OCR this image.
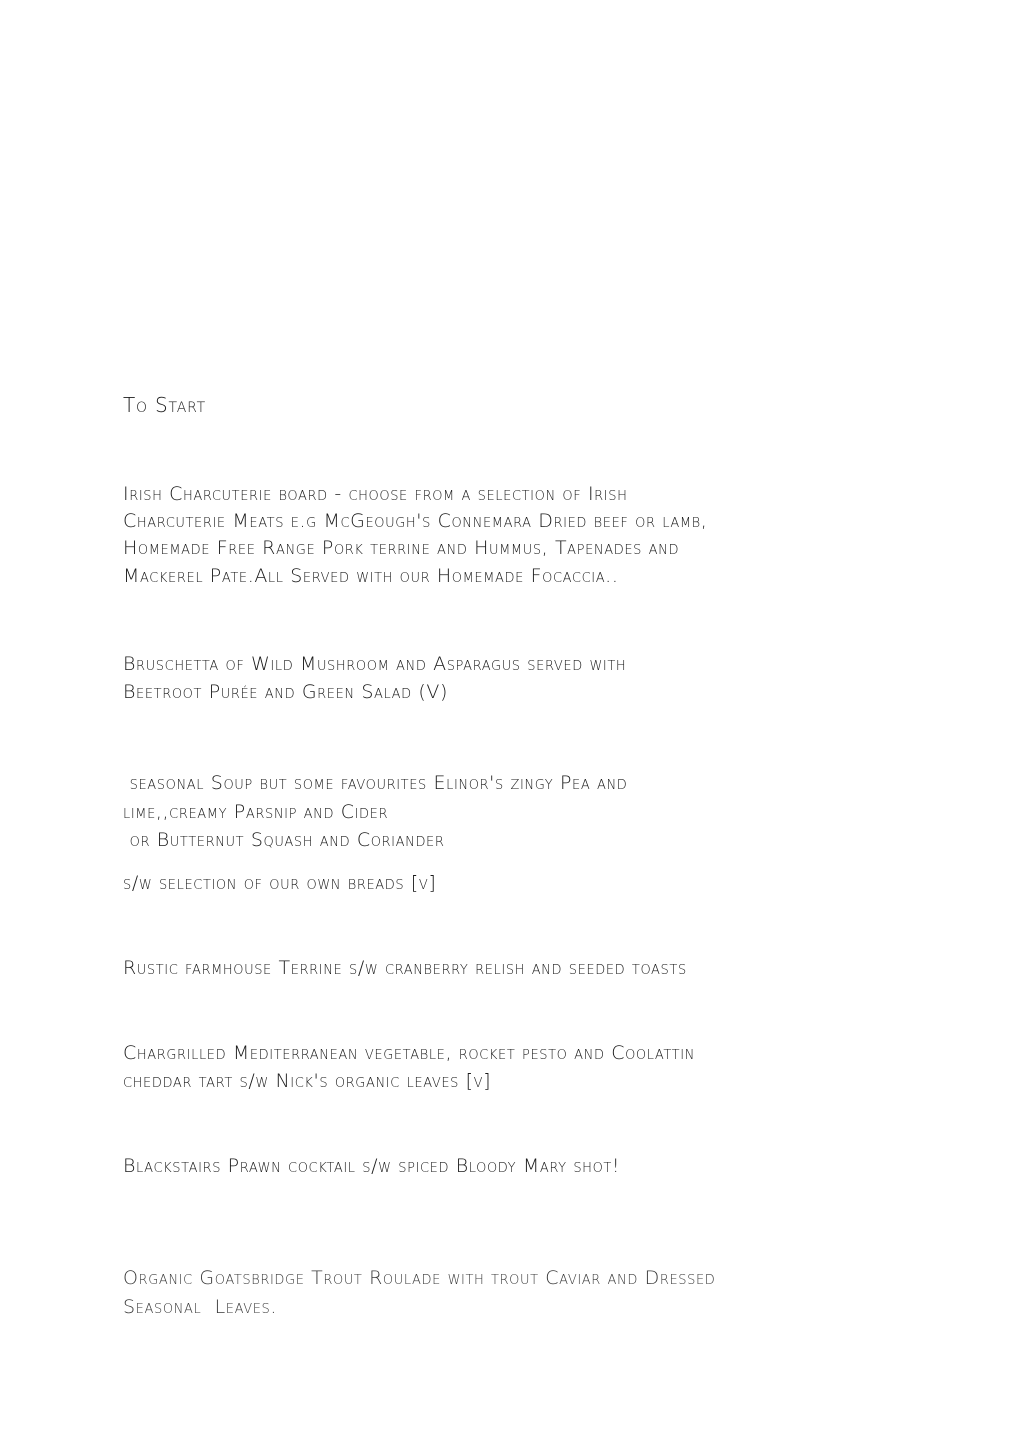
To Start

Irish Charcuterie board - choose from a selection of Irish

Charcuterie Meats e.g McGeough's Connemara Dried beef or lamb,

Homemade Free Range Pork terrine and Hummus, Tapenades and

Mackerel Pate.All Served with our Homemade Focaccia..

Bruschetta of Wild Mushroom and Asparagus served with

Beetroot Purée and Green Salad (V)

seasonal Soup but some favourites Elinor's zingy Pea and

lime,,creamy Parsnip and Cider

or Butternut Squash and Coriander

s/w selection of our own breads [v]

Rustic farmhouse Terrine s/w cranberry relish and seeded toasts

Chargrilled Mediterranean vegetable, rocket pesto and Coolattin

cheddar tart s/w Nick's organic leaves [v]

Blackstairs Prawn cocktail s/w spiced Bloody Mary shot!

Organic Goatsbridge Trout Roulade with trout Caviar and Dressed

Seasonal  Leaves.
